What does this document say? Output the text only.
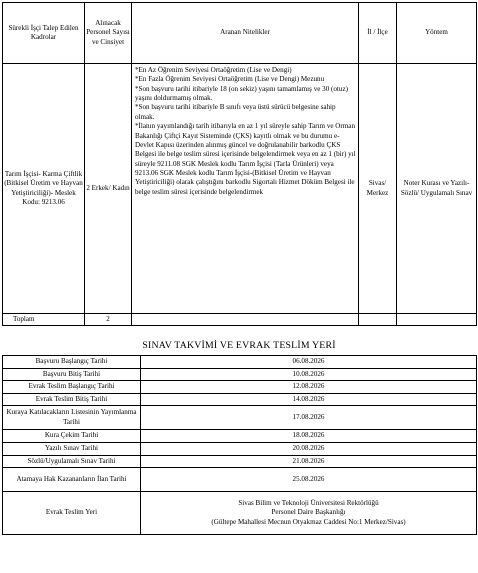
Sürekli İşçi Talep Edilen Kadrolar	Alınacak Personel Sayısı ve Cinsiyet	Aranan Nitelikler	İl / İlçe	Yöntem
Tarım İşçisi- Karma Çiftlik (Bitkisel Üretim ve Hayvan Yetiştiriciliği)- Meslek Kodu: 9213.06	2 Erkek/ Kadın	*En Az Öğrenim Seviyesi Ortaöğretim (Lise ve Dengi)
*En Fazla Öğrenim Seviyesi Ortaöğretim (Lise ve Dengi) Mezunu
*Son başvuru tarihi itibariyle 18 (on sekiz) yaşını tamamlamış ve 30 (otuz) yaşını doldurmamış olmak.
*Son başvuru tarihi itibariyle B sınıfı veya üstü sürücü belgesine sahip olmak.
*İlanın yayımlandığı tarih itibarıyla en az 1 yıl süreyle sahip Tarım ve Orman Bakanlığı Çiftçi Kayıt Sisteminde (ÇKS) kayıtlı olmak ve bu durumu e-Devlet Kapısı üzerinden alınmış güncel ve doğrulanabilir barkodlu ÇKS Belgesi ile belge teslim süresi içerisinde belgelendirmek veya en az 1 (bir) yıl süreyle 9211.08 SGK Meslek kodlu Tarım İşçisi (Tarla Ürünleri) veya 9213.06 SGK Meslek kodlu Tarım İşçisi-(Bitkisel Üretim ve Hayvan Yetiştiriciliği) olarak çalıştığını barkodlu Sigortalı Hizmet Döküm Belgesi ile belge teslim süresi içerisinde belgelendirmek	Sivas/ Merkez	Noter Kurası ve Yazılı- Sözlü/ Uygulamalı Sınav
Toplam	2			
SINAV TAKVİMİ VE EVRAK TESLİM YERİ
Başvuru Başlangıç Tarihi	06.08.2026
Başvuru Bitiş Tarihi	10.08.2026
Evrak Teslim Başlangıç Tarihi	12.08.2026
Evrak Teslim Bitiş Tarihi	14.08.2026
Kuraya Katılacakların Listesinin Yayımlanma Tarihi	17.08.2026
Kura Çekim Tarihi	18.08.2026
Yazılı Sınav Tarihi	20.08.2026
Sözlü/Uygulamalı Sınav Tarihi	21.08.2026
Atamaya Hak Kazananların İlan Tarihi	25.08.2026
Evrak Teslim Yeri	Sivas Bilim ve Teknoloji Üniversitesi Rektörlüğü
Personel Daire Başkanlığı
(Gültepe Mahallesi Mecnun Otyakmaz Caddesi No:1 Merkez/Sivas)
